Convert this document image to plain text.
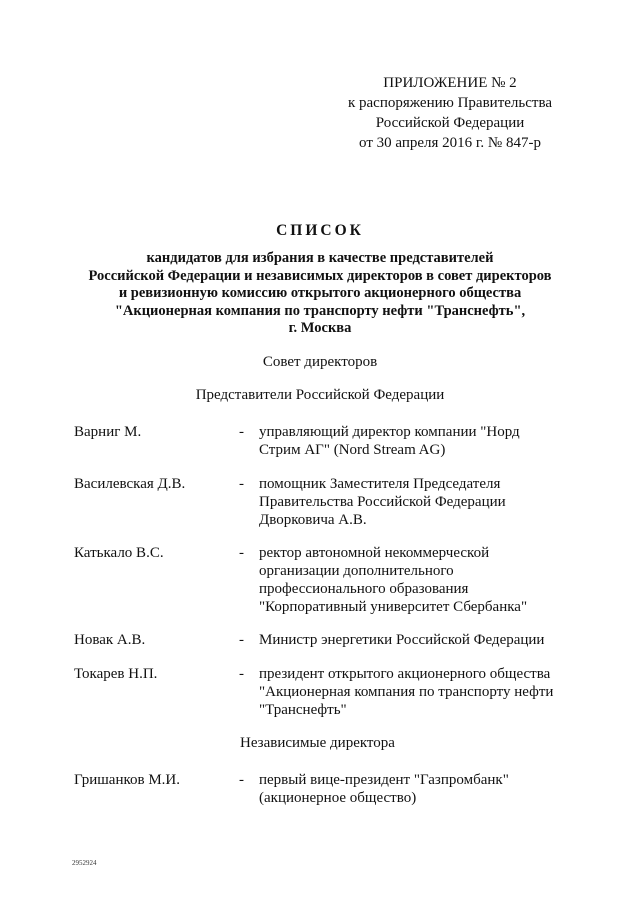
ПРИЛОЖЕНИЕ № 2
к распоряжению Правительства
Российской Федерации
от 30 апреля 2016 г. № 847-р
СПИСОК
кандидатов для избрания в качестве представителей
Российской Федерации и независимых директоров в совет директоров
и ревизионную комиссию открытого акционерного общества
"Акционерная компания по транспорту нефти "Транснефть",
г. Москва
Совет директоров
Представители Российской Федерации
Варниг М.	- управляющий директор компании "Норд
Стрим АГ" (Nord Stream AG)
Василевская Д.В.	- помощник Заместителя Председателя
Правительства Российской Федерации
Дворковича А.В.
Катькало В.С.	- ректор автономной некоммерческой
организации дополнительного
профессионального образования
"Корпоративный университет Сбербанка"
Новак А.В.	- Министр энергетики Российской Федерации
Токарев Н.П.	- президент открытого акционерного общества
"Акционерная компания по транспорту нефти
"Транснефть"
Независимые директора
Гришанков М.И.	- первый вице-президент "Газпромбанк"
(акционерное общество)
2952924
